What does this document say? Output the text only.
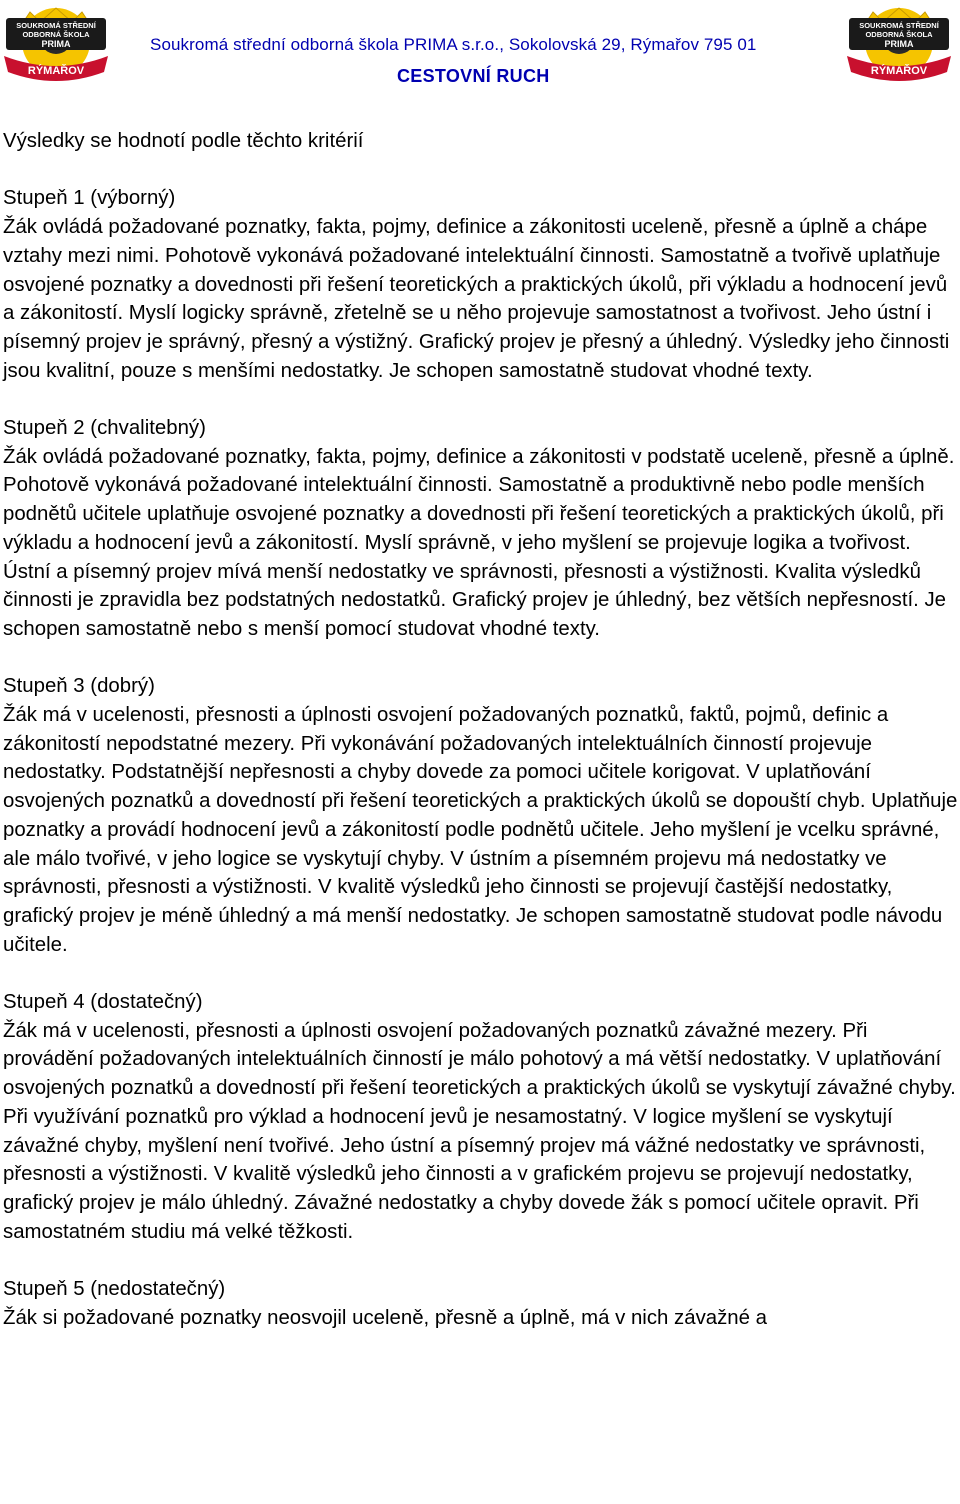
SOUKROMÁ STŘEDNÍ
ODBORNÁ ŠKOLA
PRIMA
RÝMAŘOV
Soukromá střední odborná škola PRIMA s.r.o., Sokolovská 29, Rýmařov 795 01
CESTOVNÍ RUCH
SOUKROMÁ STŘEDNÍ
ODBORNÁ ŠKOLA
PRIMA
RÝMAŘOV

Výsledky se hodnotí podle těchto kritérií

Stupeň 1 (výborný)
Žák ovládá požadované poznatky, fakta, pojmy, definice a zákonitosti uceleně, přesně a úplně a chápe vztahy mezi nimi. Pohotově vykonává požadované intelektuální činnosti. Samostatně a tvořivě uplatňuje osvojené poznatky a dovednosti při řešení teoretických a praktických úkolů, při výkladu a hodnocení jevů a zákonitostí. Myslí logicky správně, zřetelně se u něho projevuje samostatnost a tvořivost. Jeho ústní i písemný projev je správný, přesný a výstižný. Grafický projev je přesný a úhledný. Výsledky jeho činnosti jsou kvalitní, pouze s menšími nedostatky. Je schopen samostatně studovat vhodné texty.

Stupeň 2 (chvalitebný)
Žák ovládá požadované poznatky, fakta, pojmy, definice a zákonitosti v podstatě uceleně, přesně a úplně. Pohotově vykonává požadované intelektuální činnosti. Samostatně a produktivně nebo podle menších podnětů učitele uplatňuje osvojené poznatky a dovednosti při řešení teoretických a praktických úkolů, při výkladu a hodnocení jevů a zákonitostí. Myslí správně, v jeho myšlení se projevuje logika a tvořivost. Ústní a písemný projev mívá menší nedostatky ve správnosti, přesnosti a výstižnosti. Kvalita výsledků činnosti je zpravidla bez podstatných nedostatků. Grafický projev je úhledný, bez větších nepřesností. Je schopen samostatně nebo s menší pomocí studovat vhodné texty.

Stupeň 3 (dobrý)
Žák má v ucelenosti, přesnosti a úplnosti osvojení požadovaných poznatků, faktů, pojmů, definic a zákonitostí nepodstatné mezery. Při vykonávání požadovaných intelektuálních činností projevuje nedostatky. Podstatnější nepřesnosti a chyby dovede za pomoci učitele korigovat. V uplatňování osvojených poznatků a dovedností při řešení teoretických a praktických úkolů se dopouští chyb. Uplatňuje poznatky a provádí hodnocení jevů a zákonitostí podle podnětů učitele. Jeho myšlení je vcelku správné, ale málo tvořivé, v jeho logice se vyskytují chyby. V ústním a písemném projevu má nedostatky ve správnosti, přesnosti a výstižnosti. V kvalitě výsledků jeho činnosti se projevují častější nedostatky, grafický projev je méně úhledný a má menší nedostatky. Je schopen samostatně studovat podle návodu učitele.

Stupeň 4 (dostatečný)
Žák má v ucelenosti, přesnosti a úplnosti osvojení požadovaných poznatků závažné mezery. Při provádění požadovaných intelektuálních činností je málo pohotový a má větší nedostatky. V uplatňování osvojených poznatků a dovedností při řešení teoretických a praktických úkolů se vyskytují závažné chyby. Při využívání poznatků pro výklad a hodnocení jevů je nesamostatný. V logice myšlení se vyskytují závažné chyby, myšlení není tvořivé. Jeho ústní a písemný projev má vážné nedostatky ve správnosti, přesnosti a výstižnosti. V kvalitě výsledků jeho činnosti a v grafickém projevu se projevují nedostatky, grafický projev je málo úhledný. Závažné nedostatky a chyby dovede žák s pomocí učitele opravit. Při samostatném studiu má velké těžkosti.

Stupeň 5 (nedostatečný)
Žák si požadované poznatky neosvojil uceleně, přesně a úplně, má v nich závažné a
